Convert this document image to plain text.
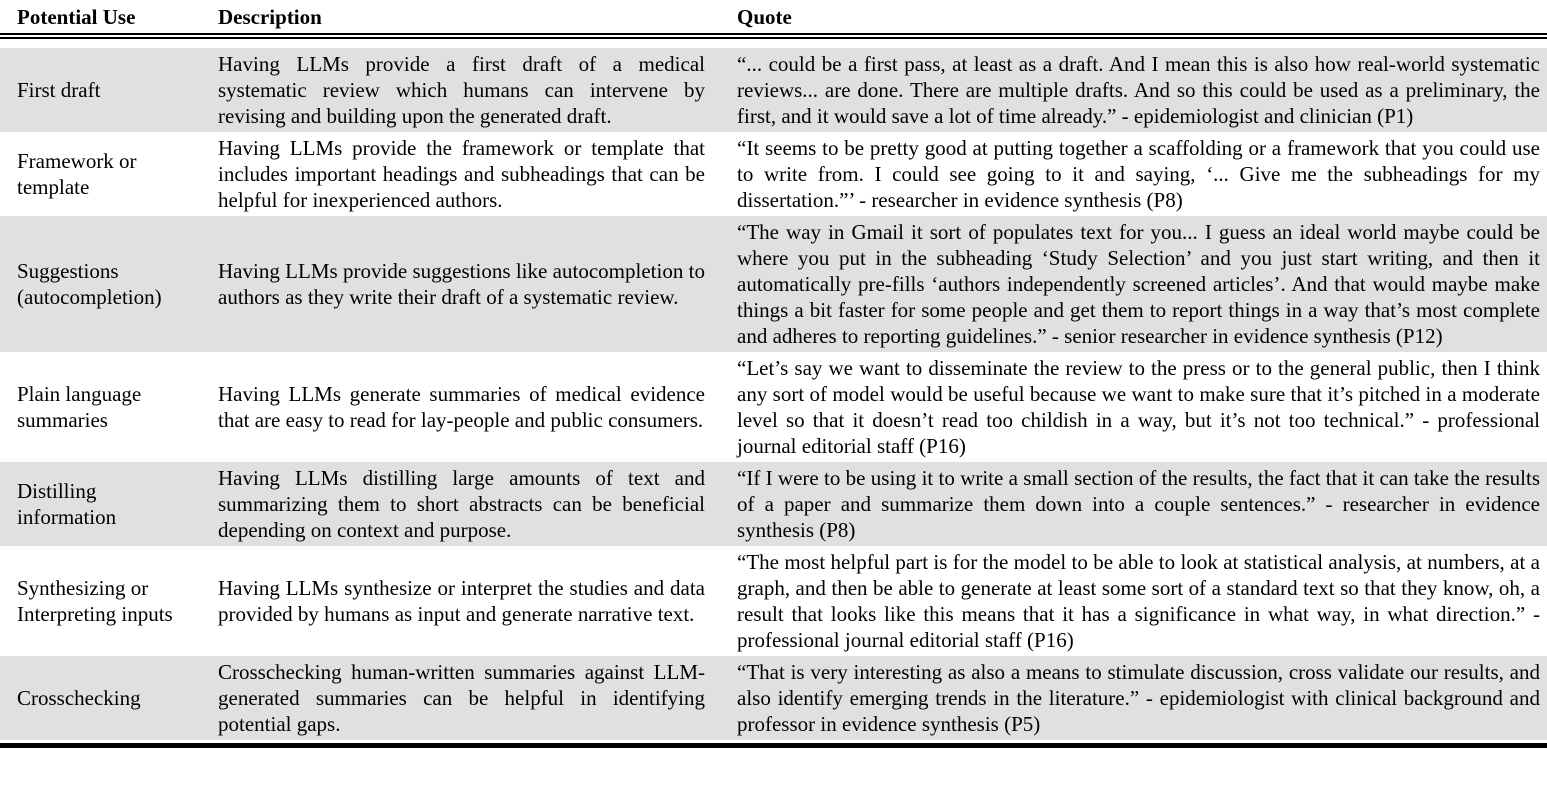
Potential Use	Description	Quote
First draft
Having LLMs provide a first draft of a medical systematic review which humans can intervene by revising and building upon the generated draft.
“... could be a first pass, at least as a draft. And I mean this is also how real-world systematic reviews... are done. There are multiple drafts. And so this could be used as a preliminary, the first, and it would save a lot of time already.” - epidemiologist and clinician (P1)
Framework or template
Having LLMs provide the framework or template that includes important headings and subheadings that can be helpful for inexperienced authors.
“It seems to be pretty good at putting together a scaffolding or a framework that you could use to write from. I could see going to it and saying, ‘... Give me the subheadings for my dissertation.”’ - researcher in evidence synthesis (P8)
Suggestions (autocompletion)
Having LLMs provide suggestions like autocompletion to authors as they write their draft of a systematic review.
“The way in Gmail it sort of populates text for you... I guess an ideal world maybe could be where you put in the subheading ‘Study Selection’ and you just start writing, and then it automatically pre-fills ‘authors independently screened articles’. And that would maybe make things a bit faster for some people and get them to report things in a way that’s most complete and adheres to reporting guidelines.” - senior researcher in evidence synthesis (P12)
Plain language summaries
Having LLMs generate summaries of medical evidence that are easy to read for lay-people and public consumers.
“Let’s say we want to disseminate the review to the press or to the general public, then I think any sort of model would be useful because we want to make sure that it’s pitched in a moderate level so that it doesn’t read too childish in a way, but it’s not too technical.” - professional journal editorial staff (P16)
Distilling information
Having LLMs distilling large amounts of text and summarizing them to short abstracts can be beneficial depending on context and purpose.
“If I were to be using it to write a small section of the results, the fact that it can take the results of a paper and summarize them down into a couple sentences.” - researcher in evidence synthesis (P8)
Synthesizing or Interpreting inputs
Having LLMs synthesize or interpret the studies and data provided by humans as input and generate narrative text.
“The most helpful part is for the model to be able to look at statistical analysis, at numbers, at a graph, and then be able to generate at least some sort of a standard text so that they know, oh, a result that looks like this means that it has a significance in what way, in what direction.” - professional journal editorial staff (P16)
Crosschecking
Crosschecking human-written summaries against LLM-generated summaries can be helpful in identifying potential gaps.
“That is very interesting as also a means to stimulate discussion, cross validate our results, and also identify emerging trends in the literature.” - epidemiologist with clinical background and professor in evidence synthesis (P5)
